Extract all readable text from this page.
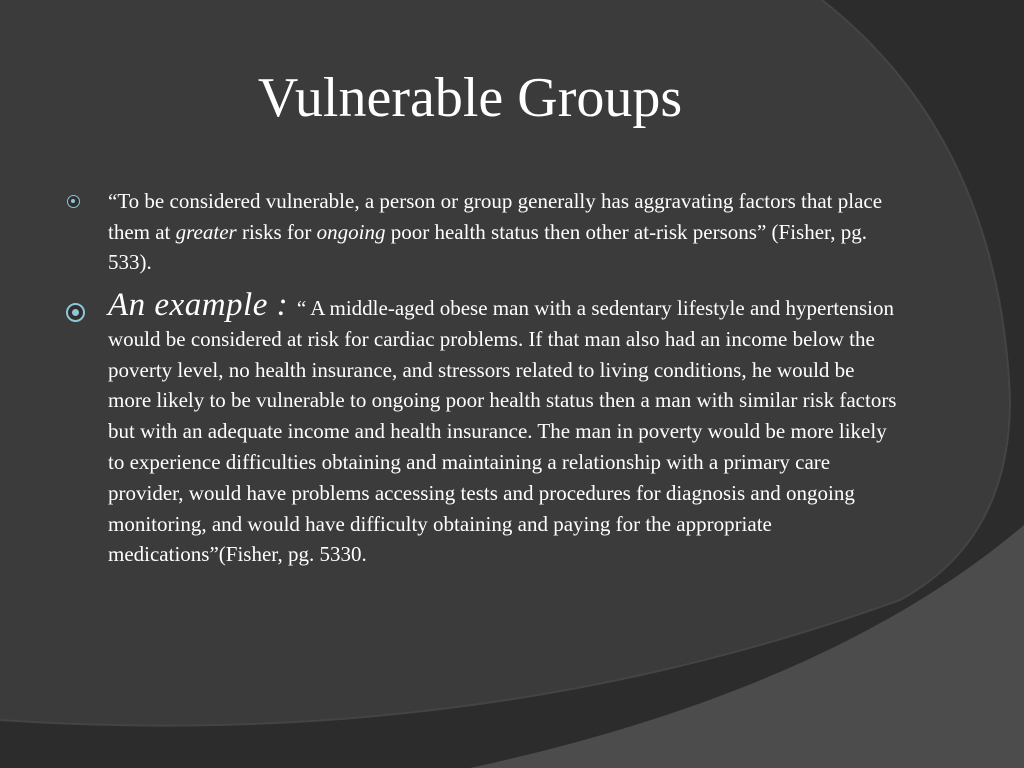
Vulnerable Groups
“To be considered vulnerable, a person or group generally has aggravating factors that place them at greater risks for ongoing poor health status then other at-risk persons” (Fisher, pg. 533).
An example : “ A middle-aged obese man with a sedentary lifestyle and hypertension would be considered at risk for cardiac problems. If that man also had an income below the poverty level, no health insurance, and stressors related to living conditions, he would be more likely to be vulnerable to ongoing poor health status then a man with similar risk factors but with an adequate income and health insurance. The man in poverty would be more likely to experience difficulties obtaining and maintaining a relationship with a primary care provider, would have problems accessing tests and procedures for diagnosis and ongoing monitoring, and would have difficulty obtaining and paying for the appropriate medications”(Fisher, pg. 5330.
